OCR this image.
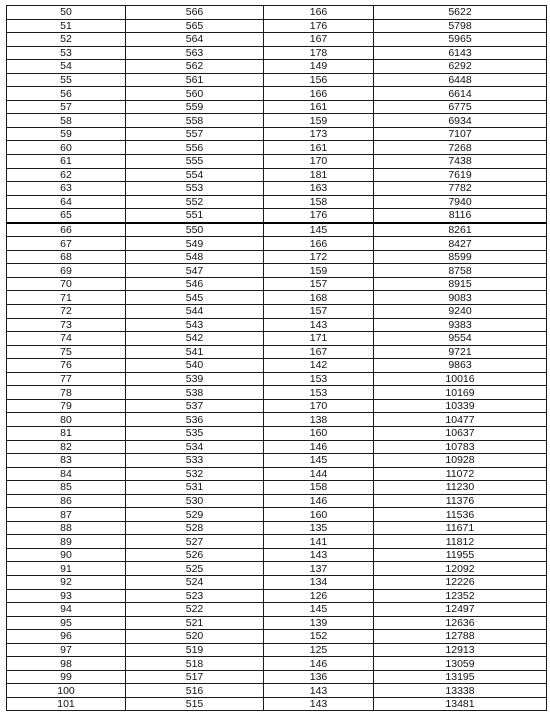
50	566	166	5622
51	565	176	5798
52	564	167	5965
53	563	178	6143
54	562	149	6292
55	561	156	6448
56	560	166	6614
57	559	161	6775
58	558	159	6934
59	557	173	7107
60	556	161	7268
61	555	170	7438
62	554	181	7619
63	553	163	7782
64	552	158	7940
65	551	176	8116
66	550	145	8261
67	549	166	8427
68	548	172	8599
69	547	159	8758
70	546	157	8915
71	545	168	9083
72	544	157	9240
73	543	143	9383
74	542	171	9554
75	541	167	9721
76	540	142	9863
77	539	153	10016
78	538	153	10169
79	537	170	10339
80	536	138	10477
81	535	160	10637
82	534	146	10783
83	533	145	10928
84	532	144	11072
85	531	158	11230
86	530	146	11376
87	529	160	11536
88	528	135	11671
89	527	141	11812
90	526	143	11955
91	525	137	12092
92	524	134	12226
93	523	126	12352
94	522	145	12497
95	521	139	12636
96	520	152	12788
97	519	125	12913
98	518	146	13059
99	517	136	13195
100	516	143	13338
101	515	143	13481
